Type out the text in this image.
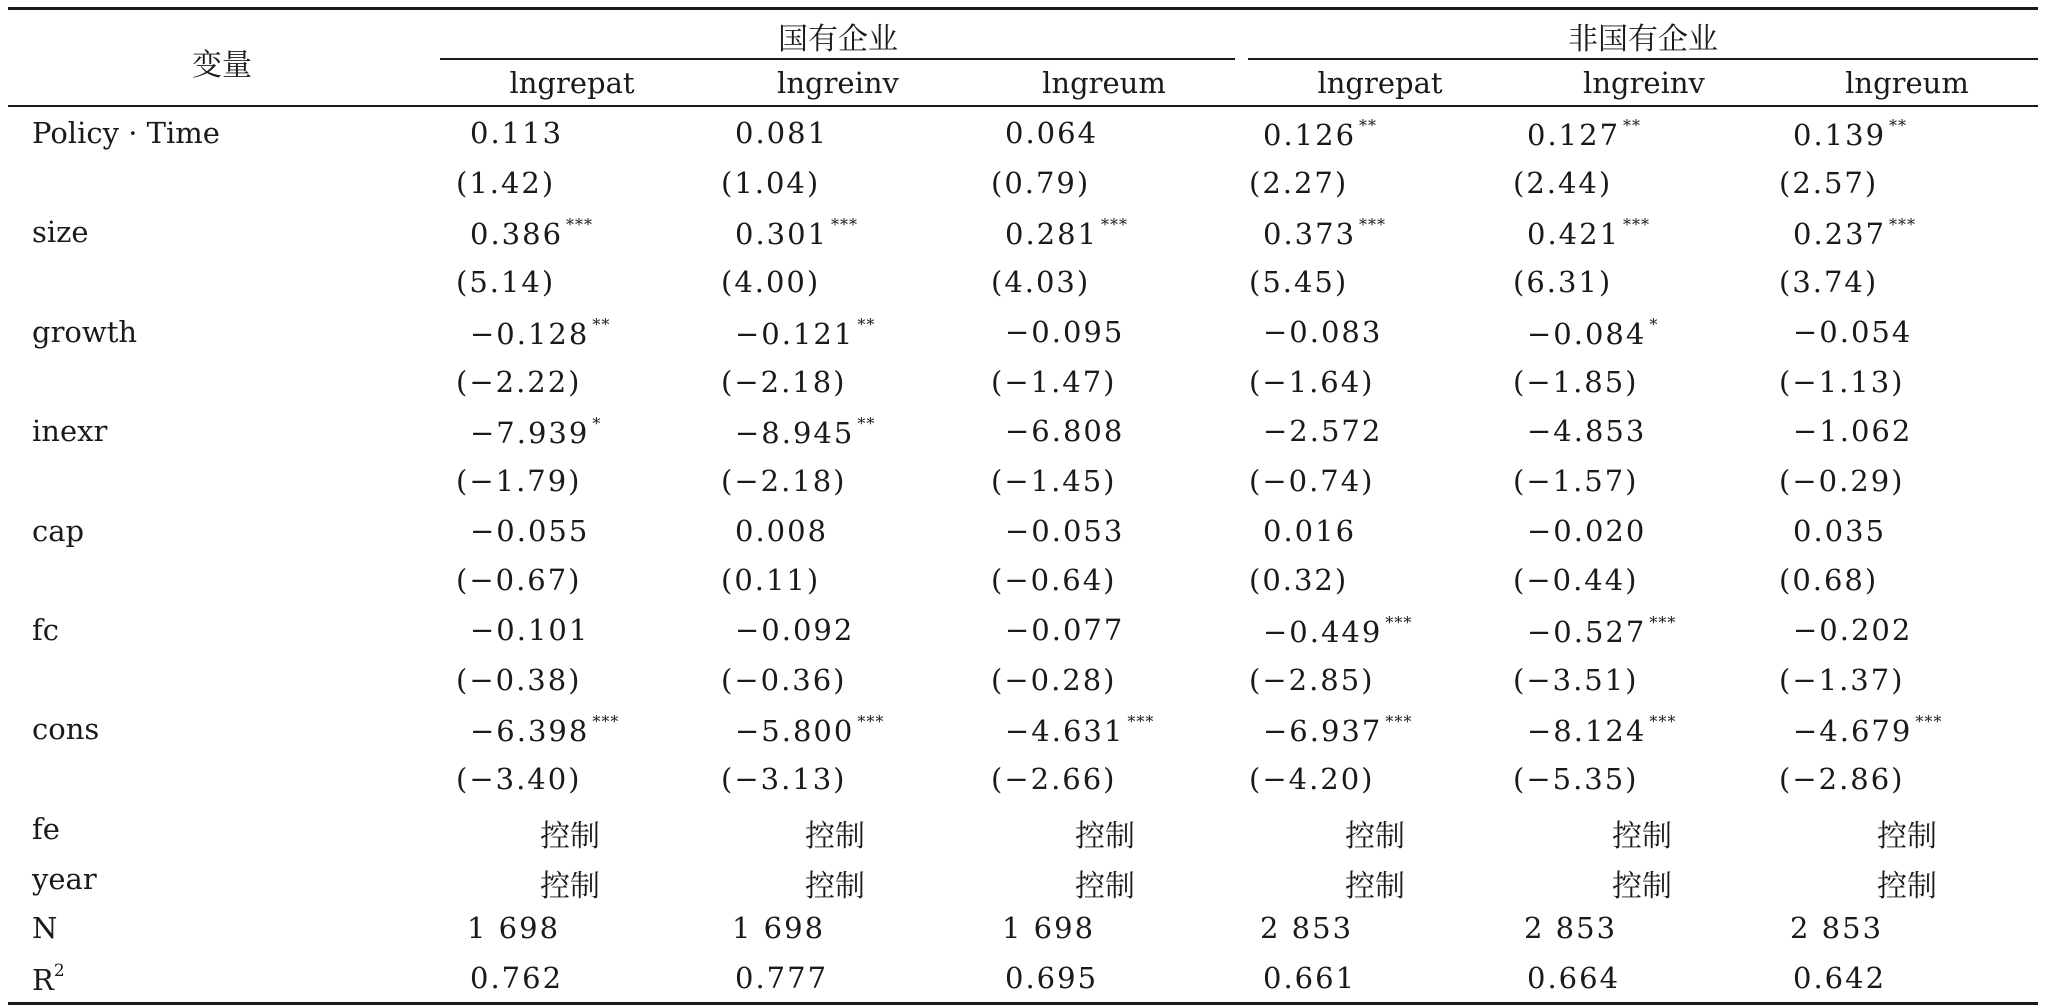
变量
国有企业	非国有企业
lngrepat	lngreinv	lngreum	lngrepat	lngreinv	lngreum
Policy · Time	0.113	0.081	0.064	0.126 **	0.127 **	0.139 **
(1.42)	(1.04)	(0.79)	(2.27)	(2.44)	(2.57)
size	0.386 ***	0.301 ***	0.281 ***	0.373 ***	0.421 ***	0.237 ***
(5.14)	(4.00)	(4.03)	(5.45)	(6.31)	(3.74)
growth	−0.128 **	−0.121 **	−0.095	−0.083	−0.084 *	−0.054
(−2.22)	(−2.18)	(−1.47)	(−1.64)	(−1.85)	(−1.13)
inexr	−7.939 *	−8.945 **	−6.808	−2.572	−4.853	−1.062
(−1.79)	(−2.18)	(−1.45)	(−0.74)	(−1.57)	(−0.29)
cap	−0.055	0.008	−0.053	0.016	−0.020	0.035
(−0.67)	(0.11)	(−0.64)	(0.32)	(−0.44)	(0.68)
fc	−0.101	−0.092	−0.077	−0.449 ***	−0.527 ***	−0.202
(−0.38)	(−0.36)	(−0.28)	(−2.85)	(−3.51)	(−1.37)
cons	−6.398 ***	−5.800 ***	−4.631 ***	−6.937 ***	−8.124 ***	−4.679 ***
(−3.40)	(−3.13)	(−2.66)	(−4.20)	(−5.35)	(−2.86)
fe	控制	控制	控制	控制	控制	控制
year	控制	控制	控制	控制	控制	控制
N	1 698	1 698	1 698	2 853	2 853	2 853
$R^2$	0.762	0.777	0.695	0.661	0.664	0.642
